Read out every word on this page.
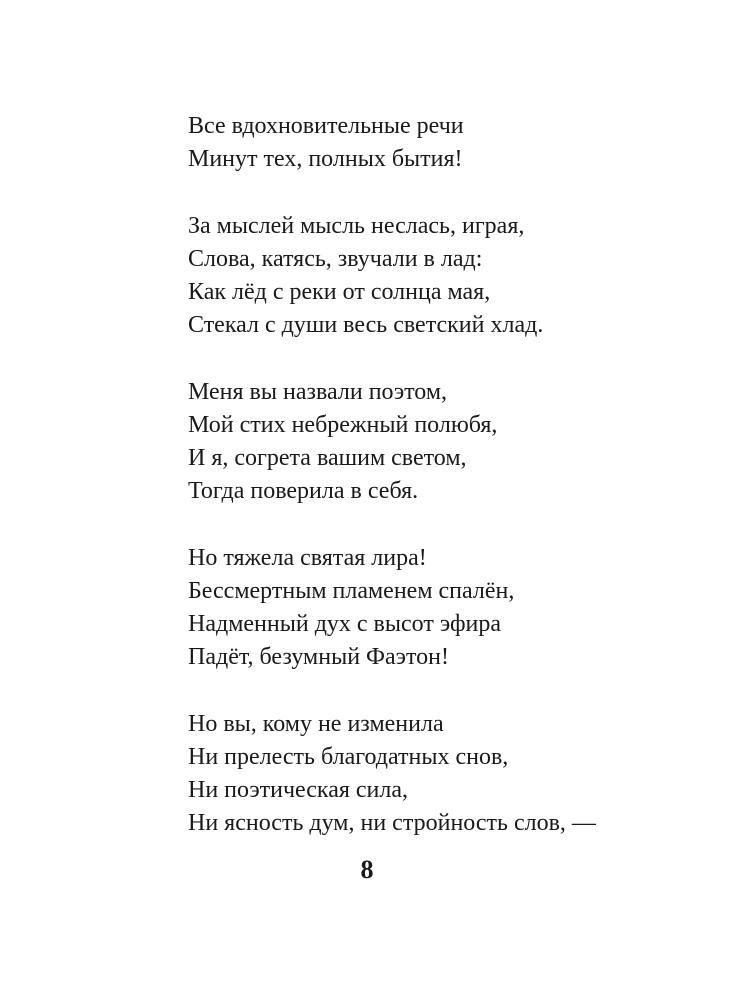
Все вдохновительные речи
Минут тех, полных бытия!
За мыслей мысль неслась, играя,
Слова, катясь, звучали в лад:
Как лёд с реки от солнца мая,
Стекал с души весь светский хлад.
Меня вы назвали поэтом,
Мой стих небрежный полюбя,
И я, согрета вашим светом,
Тогда поверила в себя.
Но тяжела святая лира!
Бессмертным пламенем спалён,
Надменный дух с высот эфира
Падёт, безумный Фаэтон!
Но вы, кому не изменила
Ни прелесть благодатных снов,
Ни поэтическая сила,
Ни ясность дум, ни стройность слов, —
8
